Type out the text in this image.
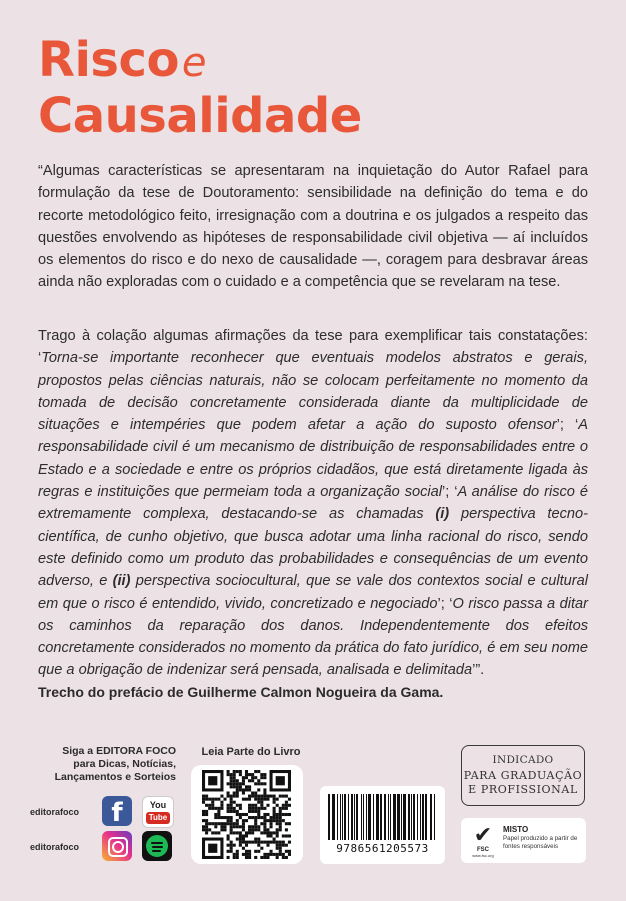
Riscoe
Causalidade
“Algumas características se apresentaram na inquietação do Autor Rafael para formulação da tese de Doutoramento: sensibilidade na definição do tema e do recorte metodológico feito, irresignação com a doutrina e os julgados a respeito das questões envolvendo as hipóteses de responsabilidade civil objetiva — aí incluídos os elementos do risco e do nexo de causalidade —, coragem para desbravar áreas ainda não exploradas com o cuidado e a competência que se revelaram na tese.
Trago à colação algumas afirmações da tese para exemplificar tais constatações: ‘Torna-se importante reconhecer que eventuais modelos abstratos e gerais, propostos pelas ciências naturais, não se colocam perfeitamente no momento da tomada de decisão concretamente considerada diante da multiplicidade de situações e intempéries que podem afetar a ação do suposto ofensor’; ‘A responsabilidade civil é um mecanismo de distribuição de responsabilidades entre o Estado e a sociedade e entre os próprios cidadãos, que está diretamente ligada às regras e instituições que permeiam toda a organização social’; ‘A análise do risco é extremamente complexa, destacando-se as chamadas (i) perspectiva tecno-científica, de cunho objetivo, que busca adotar uma linha racional do risco, sendo este definido como um produto das probabilidades e consequências de um evento adverso, e (ii) perspectiva sociocultural, que se vale dos contextos social e cultural em que o risco é entendido, vivido, concretizado e negociado’; ‘O risco passa a ditar os caminhos da reparação dos danos. Independentemente dos efeitos concretamente considerados no momento da prática do fato jurídico, é em seu nome que a obrigação de indenizar será pensada, analisada e delimitada’”.
Trecho do prefácio de Guilherme Calmon Nogueira da Gama.
Siga a EDITORA FOCO
para Dicas, Notícias,
Lançamentos e Sorteios
editorafoco	f	You
Tube
editorafoco
Leia Parte do Livro
9786561205573
INDICADO
PARA GRADUAÇÃO
E PROFISSIONAL
✔
FSC
www.fsc.org
MISTO
Papel produzido a partir de fontes responsáveis
